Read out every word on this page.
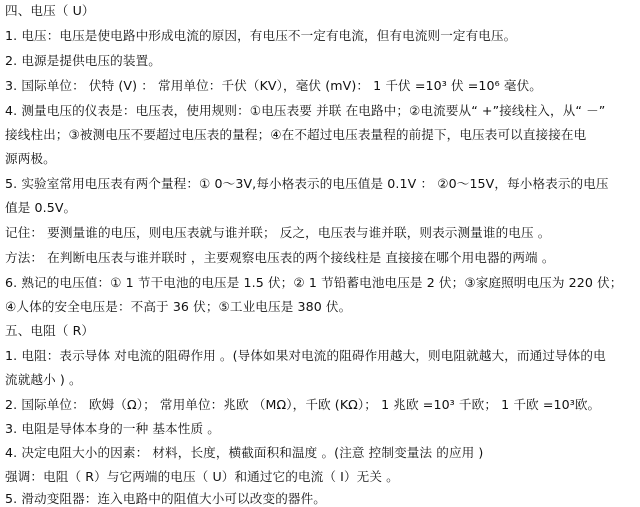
四、电压（ U）
1. 电压：电压是使电路中形成电流的原因，有电压不一定有电流，但有电流则一定有电压。
2. 电源是提供电压的装置。
3. 国际单位： 伏特 (V) ： 常用单位：千伏（KV），毫伏 (mV)： 1 千伏 =10³ 伏 =10⁶ 毫伏。
4. 测量电压的仪表是：电压表，使用规则：①电压表要 并联 在电路中；②电流要从“ +”接线柱入，从“ －”
接线柱出；③被测电压不要超过电压表的量程；④在不超过电压表量程的前提下，电压表可以直接接在电
源两极。
5. 实验室常用电压表有两个量程：① 0～3V,每小格表示的电压值是 0.1V ： ②0～15V，每小格表示的电压
值是 0.5V。
记住： 要测量谁的电压，则电压表就与谁并联； 反之，电压表与谁并联，则表示测量谁的电压 。
方法： 在判断电压表与谁并联时 ，主要观察电压表的两个接线柱是 直接接在哪个用电器的两端 。
6. 熟记的电压值：① 1 节干电池的电压是 1.5 伏；② 1 节铅蓄电池电压是 2 伏；③家庭照明电压为 220 伏；
④人体的安全电压是：不高于 36 伏；⑤工业电压是 380 伏。
五、电阻（ R）
1. 电阻：表示导体 对电流的阻碍作用 。(导体如果对电流的阻碍作用越大，则电阻就越大，而通过导体的电
流就越小 ) 。
2. 国际单位： 欧姆（Ω）； 常用单位：兆欧 （MΩ），千欧 (KΩ）； 1 兆欧 =10³ 千欧； 1 千欧 =10³欧。
3. 电阻是导体本身的一种 基本性质 。
4. 决定电阻大小的因素： 材料，长度，横截面积和温度 。(注意 控制变量法 的应用 )
强调：电阻（ R）与它两端的电压（ U）和通过它的电流（ I）无关 。
5. 滑动变阻器：连入电路中的阻值大小可以改变的器件。
